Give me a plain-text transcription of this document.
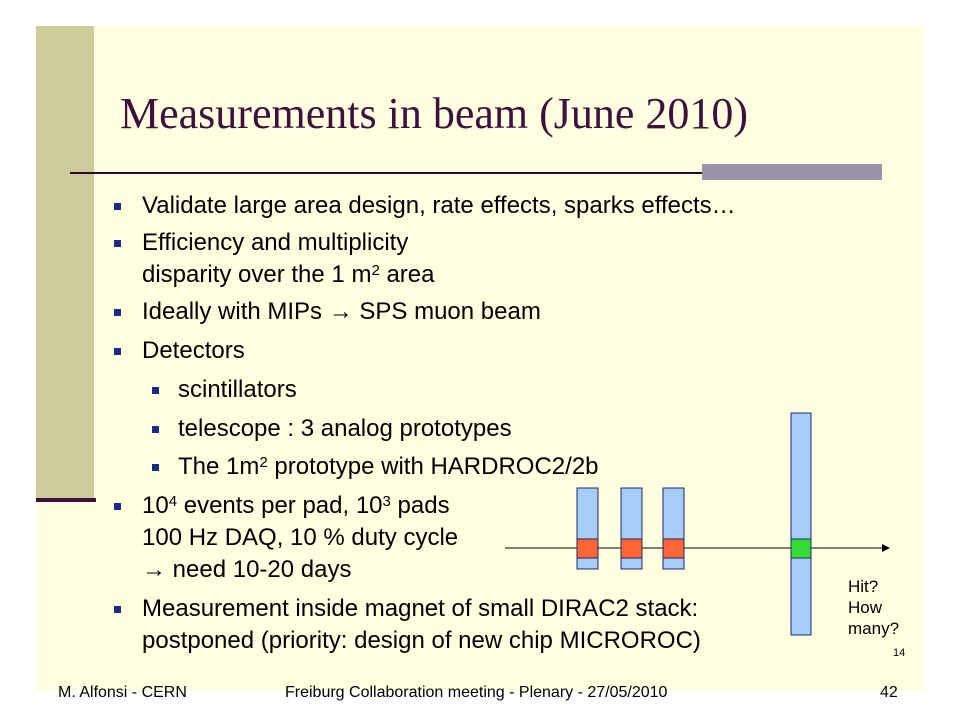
Measurements in beam (June 2010)
Validate large area design, rate effects, sparks effects…
Efficiency and multiplicity
disparity over the 1 $m^2$ area
Ideally with MIPs → SPS muon beam
Detectors
scintillators
telescope : 3 analog prototypes
The $1m^2$ prototype with HARDROC2/2b
$10^4$ events per pad, $10^3$ pads
100 Hz DAQ, 10 % duty cycle
→ need 10-20 days
Measurement inside magnet of small DIRAC2 stack:
postponed (priority: design of new chip MICROROC)
Hit?
How
many?
14
M. Alfonsi - CERN	Freiburg Collaboration meeting - Plenary - 27/05/2010	42
